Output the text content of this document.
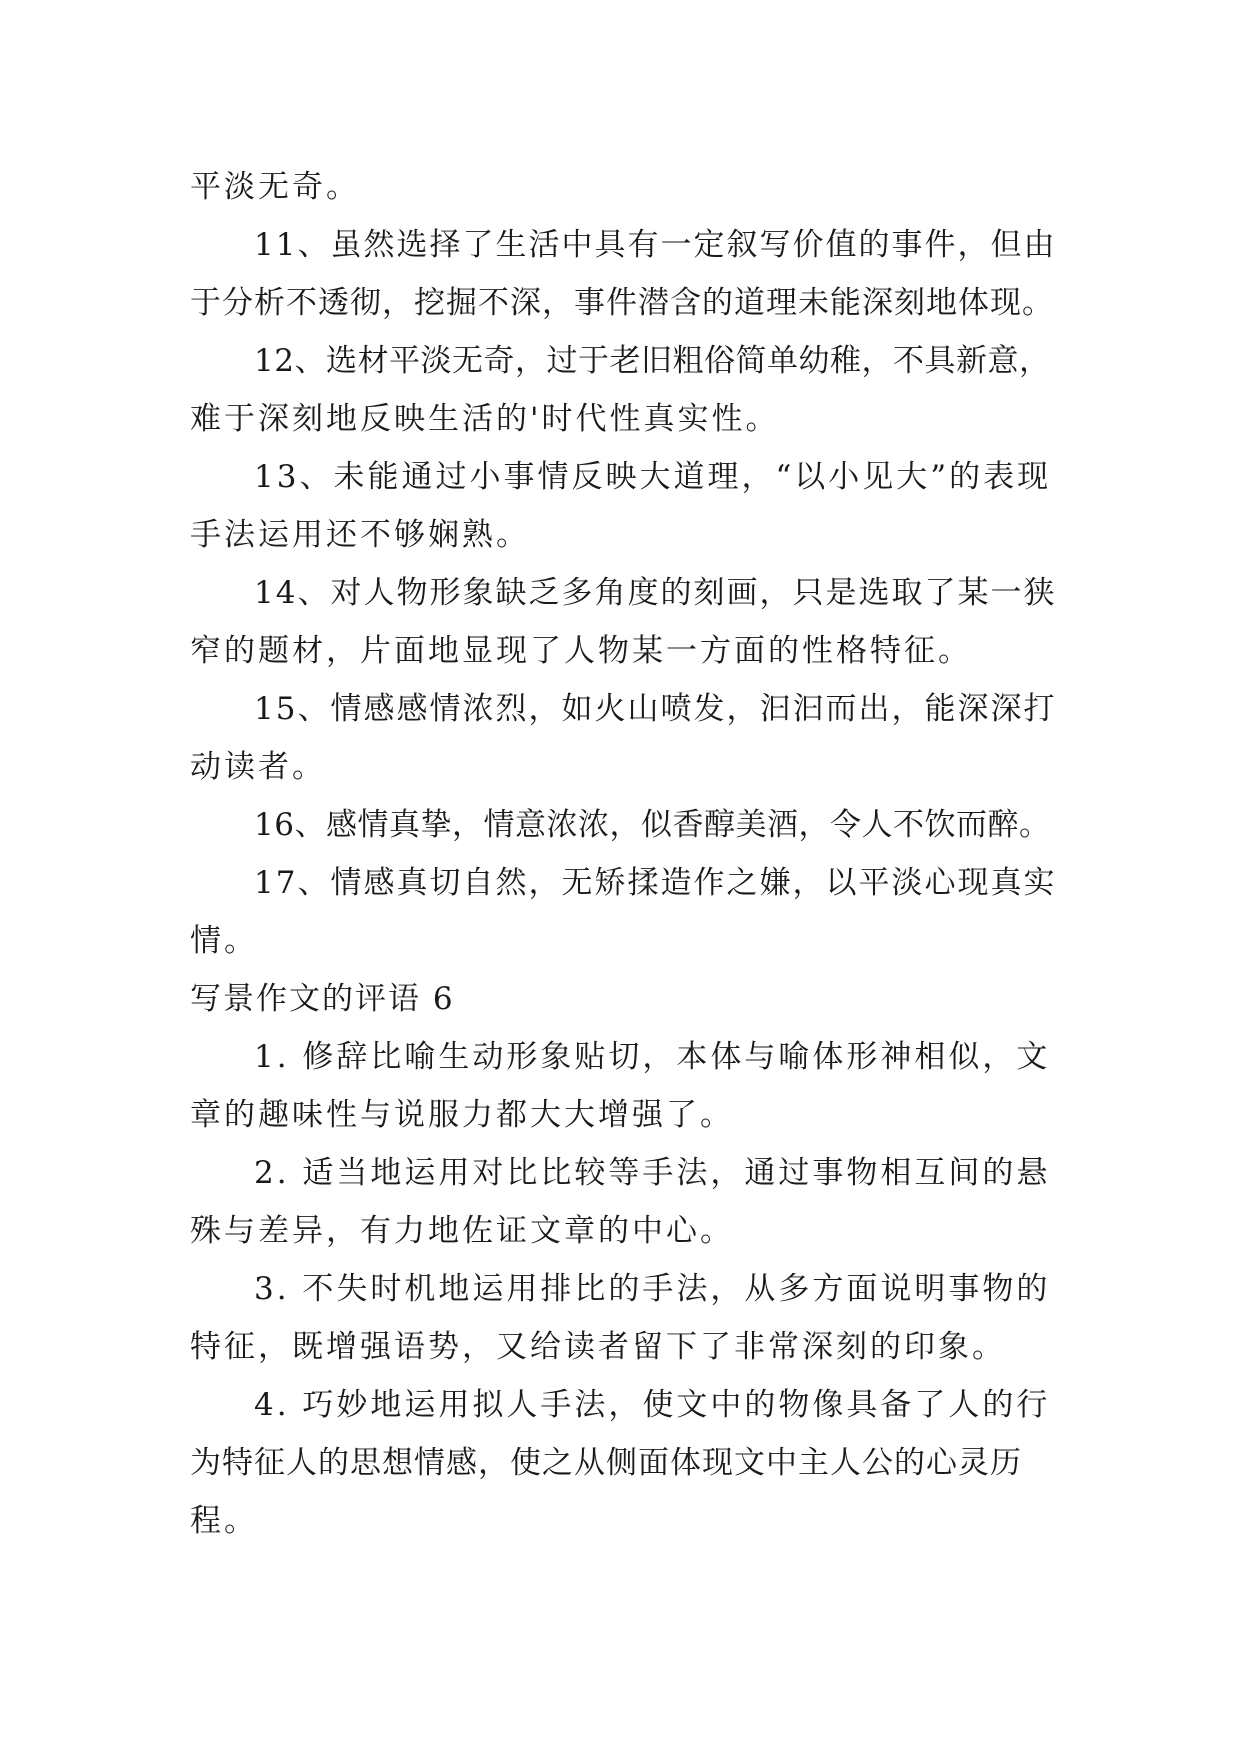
平淡无奇。
11、虽然选择了生活中具有一定叙写价值的事件，但由
于分析不透彻，挖掘不深，事件潜含的道理未能深刻地体现。
12、选材平淡无奇，过于老旧粗俗简单幼稚，不具新意，
难于深刻地反映生活的'时代性真实性。
13、未能通过小事情反映大道理，“以小见大”的表现
手法运用还不够娴熟。
14、对人物形象缺乏多角度的刻画，只是选取了某一狭
窄的题材，片面地显现了人物某一方面的性格特征。
15、情感感情浓烈，如火山喷发，汩汩而出，能深深打
动读者。
16、感情真挚，情意浓浓，似香醇美酒，令人不饮而醉。
17、情感真切自然，无矫揉造作之嫌，以平淡心现真实
情。
写景作文的评语 6
1. 修辞比喻生动形象贴切，本体与喻体形神相似，文
章的趣味性与说服力都大大增强了。
2. 适当地运用对比比较等手法，通过事物相互间的悬
殊与差异，有力地佐证文章的中心。
3. 不失时机地运用排比的手法，从多方面说明事物的
特征，既增强语势，又给读者留下了非常深刻的印象。
4. 巧妙地运用拟人手法，使文中的物像具备了人的行
为特征人的思想情感，使之从侧面体现文中主人公的心灵历
程。
